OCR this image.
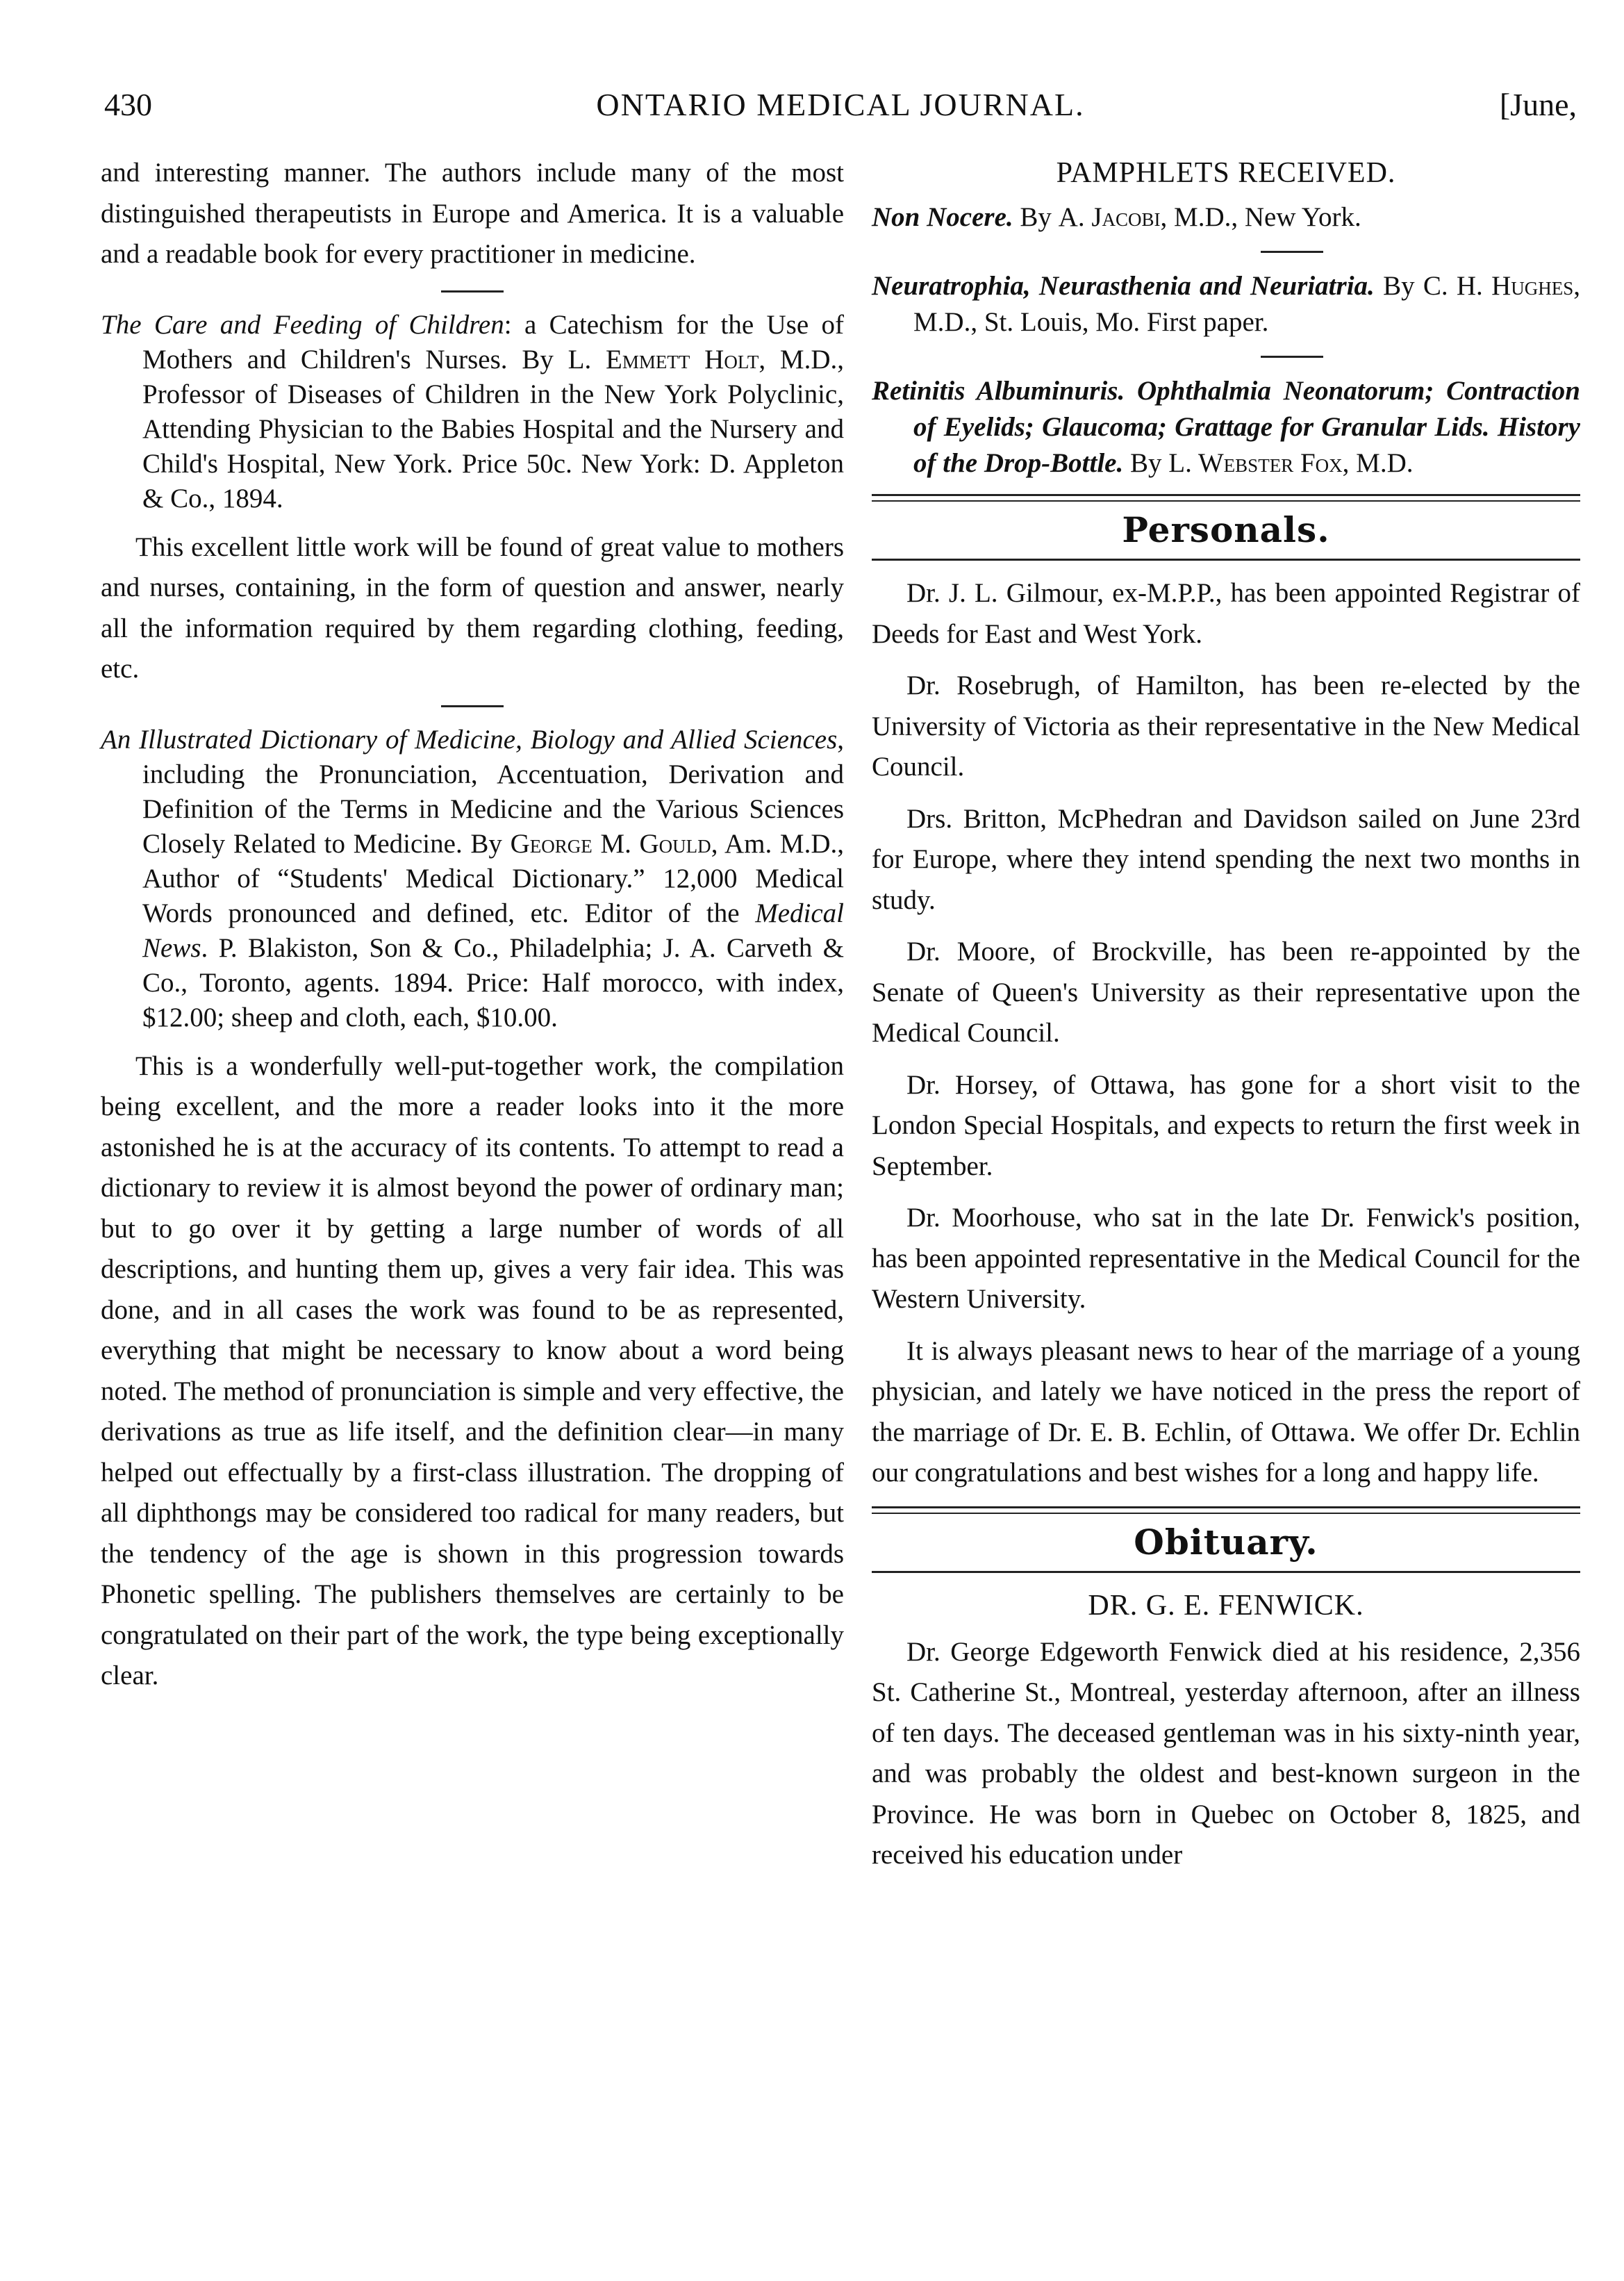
430	ONTARIO MEDICAL JOURNAL.	[June,

and interesting manner. The authors include many of the most distinguished therapeutists in Europe and America. It is a valuable and a readable book for every practitioner in medicine.

The Care and Feeding of Children: a Catechism for the Use of Mothers and Children's Nurses. By L. Emmett Holt, M.D., Professor of Diseases of Children in the New York Polyclinic, Attending Physician to the Babies Hospital and the Nursery and Child's Hospital, New York. Price 50c. New York: D. Appleton & Co., 1894.

This excellent little work will be found of great value to mothers and nurses, containing, in the form of question and answer, nearly all the information required by them regarding clothing, feeding, etc.

An Illustrated Dictionary of Medicine, Biology and Allied Sciences, including the Pronunciation, Accentuation, Derivation and Definition of the Terms in Medicine and the Various Sciences Closely Related to Medicine. By George M. Gould, Am. M.D., Author of “Students' Medical Dictionary.” 12,000 Medical Words pronounced and defined, etc. Editor of the Medical News. P. Blakiston, Son & Co., Philadelphia; J. A. Carveth & Co., Toronto, agents. 1894. Price: Half morocco, with index, $12.00; sheep and cloth, each, $10.00.

This is a wonderfully well-put-together work, the compilation being excellent, and the more a reader looks into it the more astonished he is at the accuracy of its contents. To attempt to read a dictionary to review it is almost beyond the power of ordinary man; but to go over it by getting a large number of words of all descriptions, and hunting them up, gives a very fair idea. This was done, and in all cases the work was found to be as represented, everything that might be necessary to know about a word being noted. The method of pronunciation is simple and very effective, the derivations as true as life itself, and the definition clear—in many helped out effectually by a first-class illustration. The dropping of all diphthongs may be considered too radical for many readers, but the tendency of the age is shown in this progression towards Phonetic spelling. The publishers themselves are certainly to be congratulated on their part of the work, the type being exceptionally clear.

PAMPHLETS RECEIVED.

Non Nocere. By A. Jacobi, M.D., New York.

Neuratrophia, Neurasthenia and Neuriatria. By C. H. Hughes, M.D., St. Louis, Mo. First paper.

Retinitis Albuminuris. Ophthalmia Neonatorum; Contraction of Eyelids; Glaucoma; Grattage for Granular Lids. History of the Drop-Bottle. By L. Webster Fox, M.D.

Personals.

Dr. J. L. Gilmour, ex-M.P.P., has been appointed Registrar of Deeds for East and West York.

Dr. Rosebrugh, of Hamilton, has been re-elected by the University of Victoria as their representative in the New Medical Council.

Drs. Britton, McPhedran and Davidson sailed on June 23rd for Europe, where they intend spending the next two months in study.

Dr. Moore, of Brockville, has been re-appointed by the Senate of Queen's University as their representative upon the Medical Council.

Dr. Horsey, of Ottawa, has gone for a short visit to the London Special Hospitals, and expects to return the first week in September.

Dr. Moorhouse, who sat in the late Dr. Fenwick's position, has been appointed representative in the Medical Council for the Western University.

It is always pleasant news to hear of the marriage of a young physician, and lately we have noticed in the press the report of the marriage of Dr. E. B. Echlin, of Ottawa. We offer Dr. Echlin our congratulations and best wishes for a long and happy life.

Obituary.
DR. G. E. FENWICK.

Dr. George Edgeworth Fenwick died at his residence, 2,356 St. Catherine St., Montreal, yesterday afternoon, after an illness of ten days. The deceased gentleman was in his sixty-ninth year, and was probably the oldest and best-known surgeon in the Province. He was born in Quebec on October 8, 1825, and received his education under
